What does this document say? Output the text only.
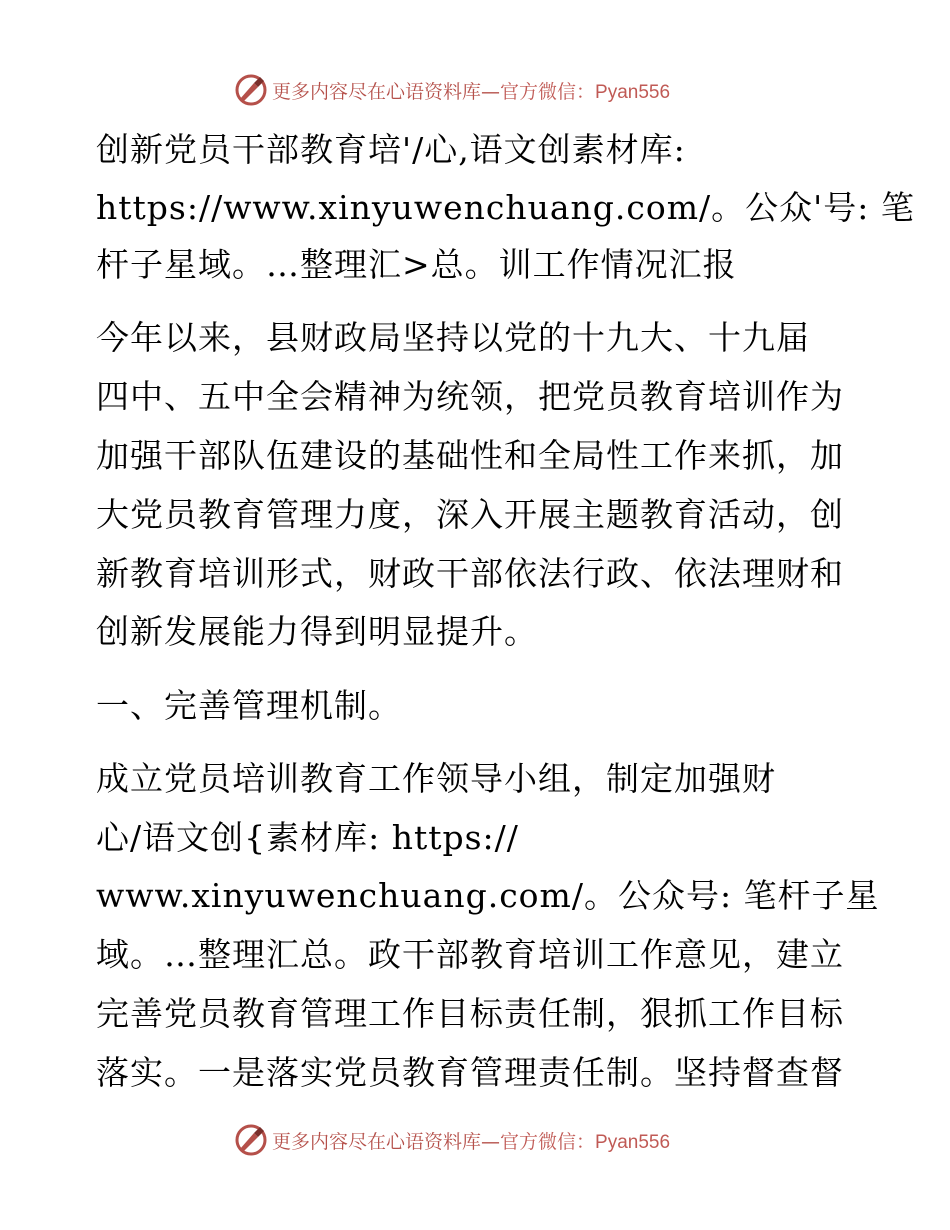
更多内容尽在心语资料库—官方微信：Pyan556
创新党员干部教育培'/心,语文创素材库:
https://www.xinyuwenchuang.com/。公众'号: 笔
杆子星域。…整理汇>总。训工作情况汇报
今年以来，县财政局坚持以党的十九大、十九届
四中、五中全会精神为统领，把党员教育培训作为
加强干部队伍建设的基础性和全局性工作来抓，加
大党员教育管理力度，深入开展主题教育活动，创
新教育培训形式，财政干部依法行政、依法理财和
创新发展能力得到明显提升。
一、完善管理机制。
成立党员培训教育工作领导小组，制定加强财
心/语文创{素材库: https://
www.xinyuwenchuang.com/。公众号: 笔杆子星
域。…整理汇总。政干部教育培训工作意见，建立
完善党员教育管理工作目标责任制，狠抓工作目标
落实。一是落实党员教育管理责任制。坚持督查督
更多内容尽在心语资料库—官方微信：Pyan556
